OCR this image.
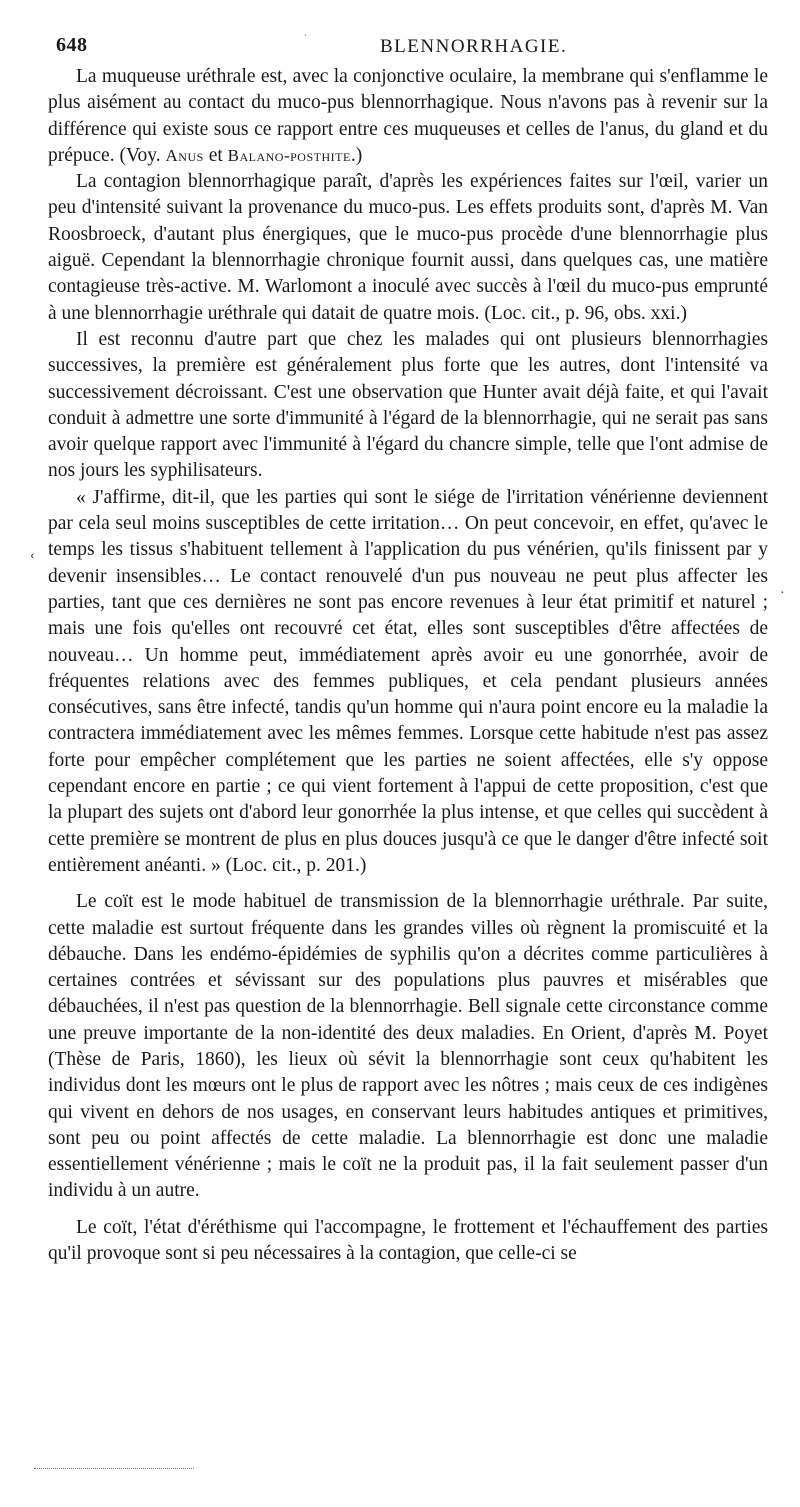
648	·
BLENNORRHAGIE.

La muqueuse uréthrale est, avec la conjonctive oculaire, la membrane qui s'enflamme le plus aisément au contact du muco-pus blennorrhagique. Nous n'avons pas à revenir sur la différence qui existe sous ce rapport entre ces muqueuses et celles de l'anus, du gland et du prépuce. (Voy. Anus et Balano-posthite.)

La contagion blennorrhagique paraît, d'après les expériences faites sur l'œil, varier un peu d'intensité suivant la provenance du muco-pus. Les effets produits sont, d'après M. Van Roosbroeck, d'autant plus énergiques, que le muco-pus procède d'une blennorrhagie plus aiguë. Cependant la blennorrhagie chronique fournit aussi, dans quelques cas, une matière contagieuse très-active. M. Warlomont a inoculé avec succès à l'œil du muco-pus emprunté à une blennorrhagie uréthrale qui datait de quatre mois. (Loc. cit., p. 96, obs. xxi.)

Il est reconnu d'autre part que chez les malades qui ont plusieurs blennorrhagies successives, la première est généralement plus forte que les autres, dont l'intensité va successivement décroissant. C'est une observation que Hunter avait déjà faite, et qui l'avait conduit à admettre une sorte d'immunité à l'égard de la blennorrhagie, qui ne serait pas sans avoir quelque rapport avec l'immunité à l'égard du chancre simple, telle que l'ont admise de nos jours les syphilisateurs.

« J'affirme, dit-il, que les parties qui sont le siége de l'irritation vénérienne deviennent par cela seul moins susceptibles de cette irritation… On peut concevoir, en effet, qu'avec le temps les tissus s'habituent tellement à l'application du pus vénérien, qu'ils finissent par y devenir insensibles… Le contact renouvelé d'un pus nouveau ne peut plus affecter les parties, tant que ces dernières ne sont pas encore revenues à leur état primitif et naturel ; mais une fois qu'elles ont recouvré cet état, elles sont susceptibles d'être affectées de nouveau… Un homme peut, immédiatement après avoir eu une gonorrhée, avoir de fréquentes relations avec des femmes publiques, et cela pendant plusieurs années consécutives, sans être infecté, tandis qu'un homme qui n'aura point encore eu la maladie la contractera immédiatement avec les mêmes femmes. Lorsque cette habitude n'est pas assez forte pour empêcher complétement que les parties ne soient affectées, elle s'y oppose cependant encore en partie ; ce qui vient fortement à l'appui de cette proposition, c'est que la plupart des sujets ont d'abord leur gonorrhée la plus intense, et que celles qui succèdent à cette première se montrent de plus en plus douces jusqu'à ce que le danger d'être infecté soit entièrement anéanti. » (Loc. cit., p. 201.)

Le coït est le mode habituel de transmission de la blennorrhagie uréthrale. Par suite, cette maladie est surtout fréquente dans les grandes villes où règnent la promiscuité et la débauche. Dans les endémo-épidémies de syphilis qu'on a décrites comme particulières à certaines contrées et sévissant sur des populations plus pauvres et misérables que débauchées, il n'est pas question de la blennorrhagie. Bell signale cette circonstance comme une preuve importante de la non-identité des deux maladies. En Orient, d'après M. Poyet (Thèse de Paris, 1860), les lieux où sévit la blennorrhagie sont ceux qu'habitent les individus dont les mœurs ont le plus de rapport avec les nôtres ; mais ceux de ces indigènes qui vivent en dehors de nos usages, en conservant leurs habitudes antiques et primitives, sont peu ou point affectés de cette maladie. La blennorrhagie est donc une maladie essentiellement vénérienne ; mais le coït ne la produit pas, il la fait seulement passer d'un individu à un autre.

Le coït, l'état d'éréthisme qui l'accompagne, le frottement et l'échauffement des parties qu'il provoque sont si peu nécessaires à la contagion, que celle-ci se

‹
·
